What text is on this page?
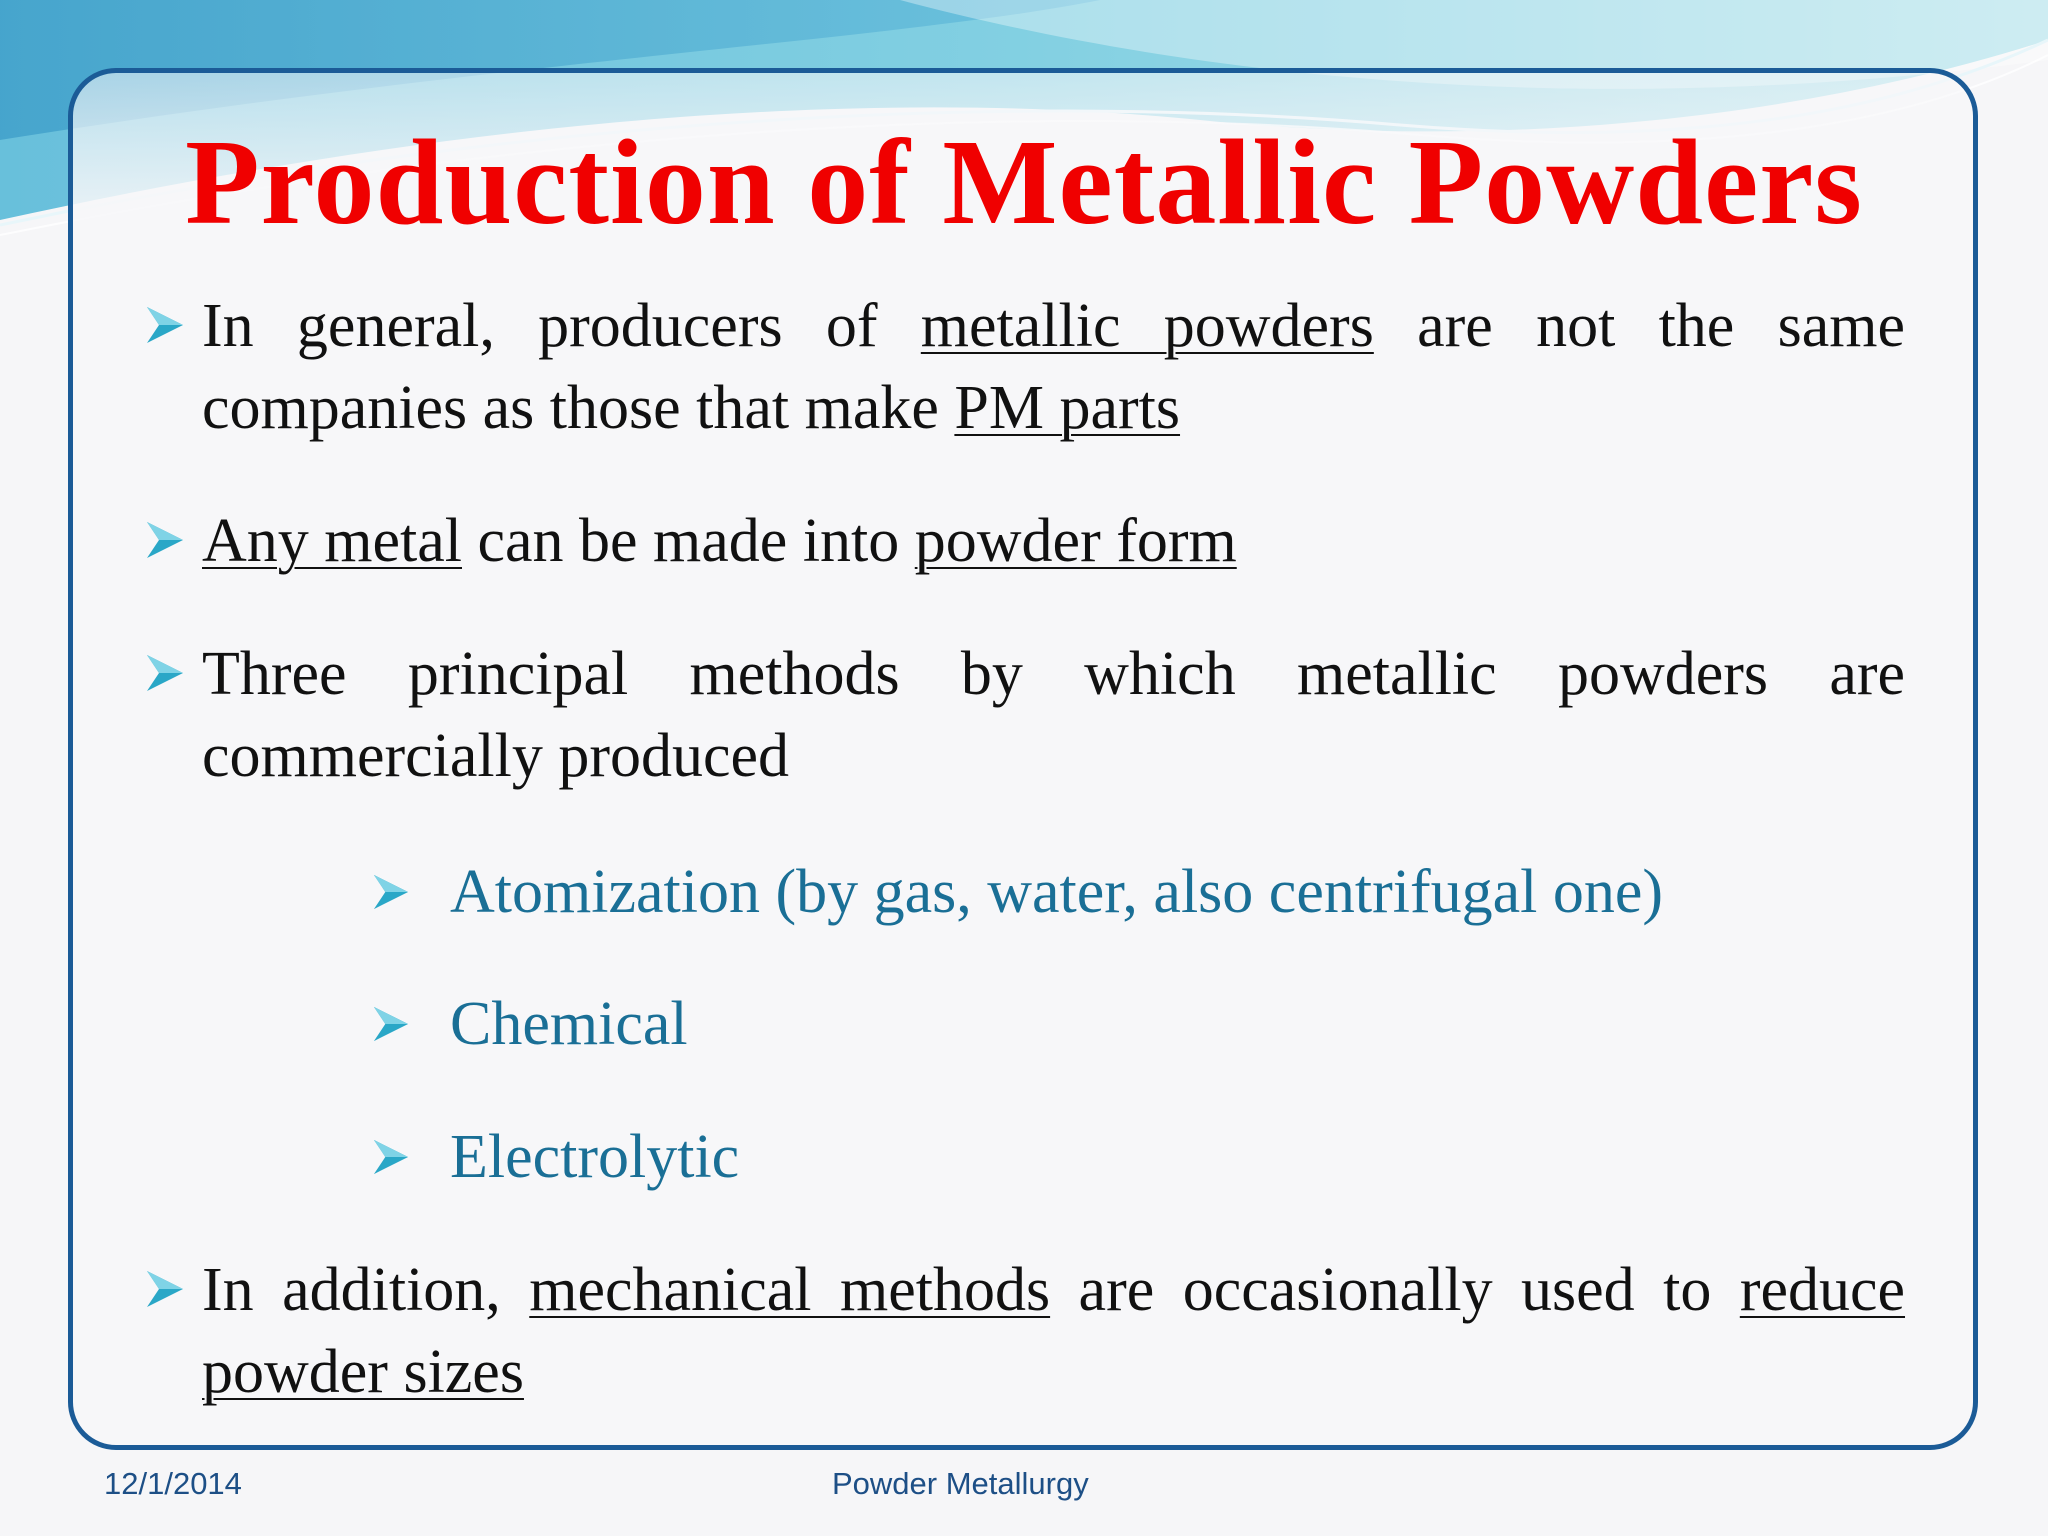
Production of Metallic Powders
In general, producers of metallic powders are not the same companies as those that make PM parts
Any metal can be made into powder form
Three principal methods by which metallic powders are commercially produced
Atomization (by gas, water, also centrifugal one)
Chemical
Electrolytic
In addition, mechanical methods are occasionally used to reduce powder sizes
12/1/2014	Powder Metallurgy
